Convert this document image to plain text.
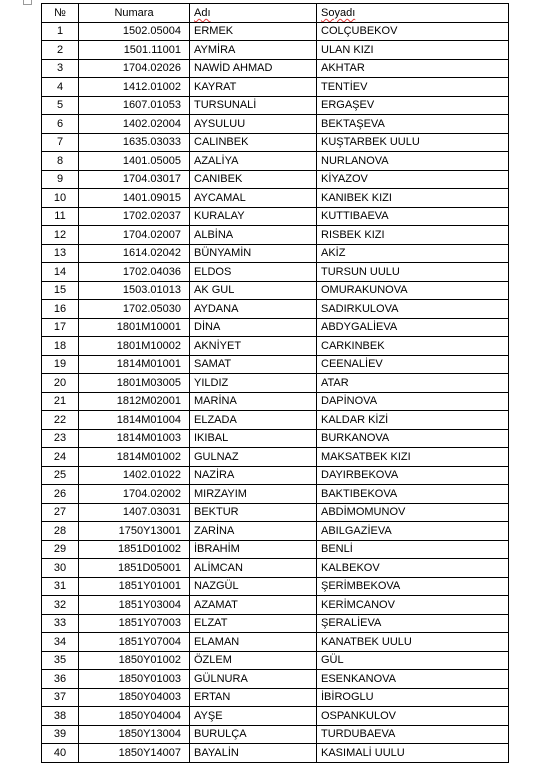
№	Numara	Adı	Soyadı
1	1502.05004	ERMEK	COLÇUBEKOV
2	1501.11001	AYMİRA	ULAN KIZI
3	1704.02026	NAWİD AHMAD	AKHTAR
4	1412.01002	KAYRAT	TENTİEV
5	1607.01053	TURSUNALİ	ERGAŞEV
6	1402.02004	AYSULUU	BEKTAŞEVA
7	1635.03033	CALINBEK	KUŞTARBEK UULU
8	1401.05005	AZALİYA	NURLANOVA
9	1704.03017	CANIBEK	KİYAZOV
10	1401.09015	AYCAMAL	KANIBEK KIZI
11	1702.02037	KURALAY	KUTTIBAEVA
12	1704.02007	ALBİNA	RISBEK KIZI
13	1614.02042	BÜNYAMİN	AKİZ
14	1702.04036	ELDOS	TURSUN UULU
15	1503.01013	AK GUL	OMURAKUNOVA
16	1702.05030	AYDANA	SADIRKULOVA
17	1801M10001	DİNA	ABDYGALİEVA
18	1801M10002	AKNİYET	CARKINBEK
19	1814M01001	SAMAT	CEENALİEV
20	1801M03005	YILDIZ	ATAR
21	1812M02001	MARİNA	DAPİNOVA
22	1814M01004	ELZADA	KALDAR KİZİ
23	1814M01003	IKIBAL	BURKANOVA
24	1814M01002	GULNAZ	MAKSATBEK KIZI
25	1402.01022	NAZİRA	DAYIRBEKOVA
26	1704.02002	MIRZAYIM	BAKTIBEKOVA
27	1407.03031	BEKTUR	ABDİMOMUNOV
28	1750Y13001	ZARİNA	ABILGAZİEVA
29	1851D01002	İBRAHİM	BENLİ
30	1851D05001	ALİMCAN	KALBEKOV
31	1851Y01001	NAZGÜL	ŞERİMBEKOVA
32	1851Y03004	AZAMAT	KERİMCANOV
33	1851Y07003	ELZAT	ŞERALİEVA
34	1851Y07004	ELAMAN	KANATBEK UULU
35	1850Y01002	ÖZLEM	GÜL
36	1850Y01003	GÜLNURA	ESENKANOVA
37	1850Y04003	ERTAN	İBİROGLU
38	1850Y04004	AYŞE	OSPANKULOV
39	1850Y13004	BURULÇA	TURDUBAEVA
40	1850Y14007	BAYALİN	KASIMALİ UULU
